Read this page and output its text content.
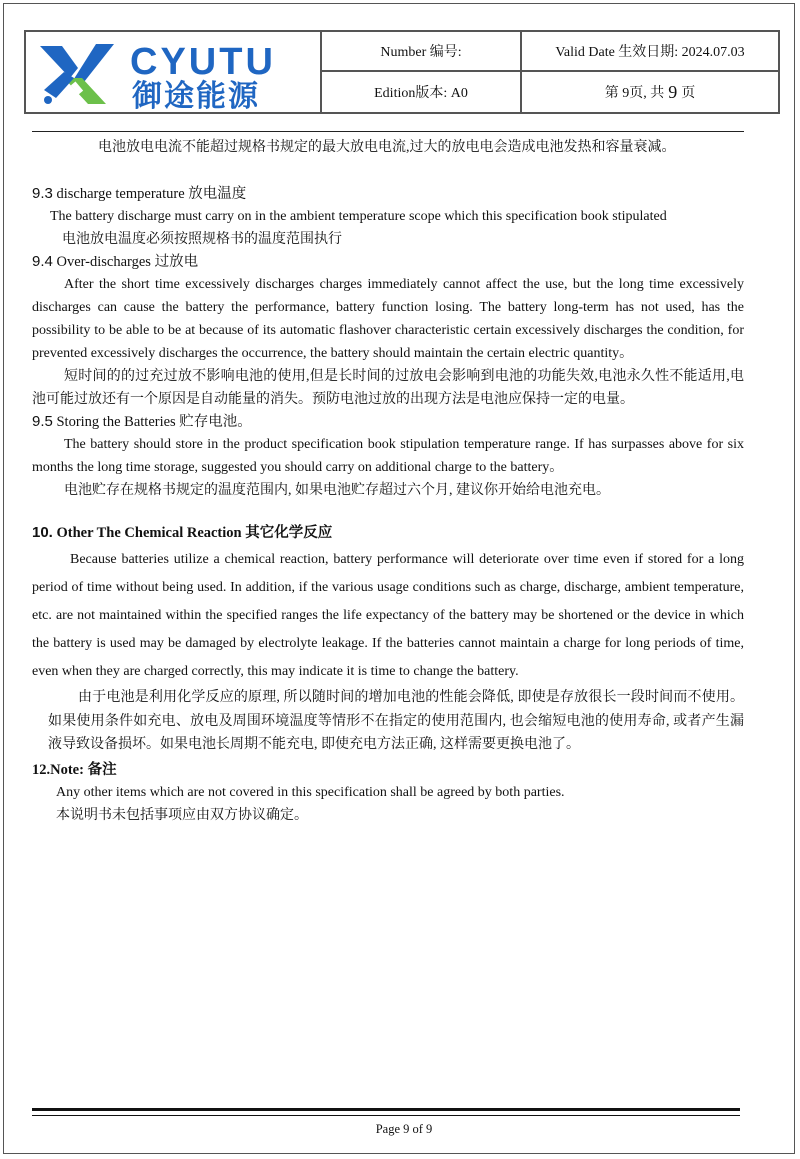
CYUTU
御途能源
Number 编号:	Valid Date 生效日期: 2024.07.03
Edition版本: A0	第 9页, 共 9 页

电池放电电流不能超过规格书规定的最大放电电流,过大的放电电会造成电池发热和容量衰减。

9.3 discharge temperature 放电温度

The battery discharge must carry on in the ambient temperature scope which this specification book stipulated

电池放电温度必须按照规格书的温度范围执行

9.4 Over-discharges 过放电

After the short time excessively discharges charges immediately cannot affect the use, but the long time excessively discharges can cause the battery the performance, battery function losing. The battery long-term has not used, has the possibility to be able to be at because of its automatic flashover characteristic certain excessively discharges the condition, for prevented excessively discharges the occurrence, the battery should maintain the certain electric quantity。

短时间的的过充过放不影响电池的使用,但是长时间的过放电会影响到电池的功能失效,电池永久性不能适用,电池可能过放还有一个原因是自动能量的消失。预防电池过放的出现方法是电池应保持一定的电量。

9.5 Storing the Batteries 贮存电池。

The battery should store in the product specification book stipulation temperature range. If has surpasses above for six months the long time storage, suggested you should carry on additional charge to the battery。

电池贮存在规格书规定的温度范围内, 如果电池贮存超过六个月, 建议你开始给电池充电。

10. Other The Chemical Reaction 其它化学反应

Because batteries utilize a chemical reaction, battery performance will deteriorate over time even if stored for a long period of time without being used. In addition, if the various usage conditions such as charge, discharge, ambient temperature, etc. are not maintained within the specified ranges the life expectancy of the battery may be shortened or the device in which the battery is used may be damaged by electrolyte leakage. If the batteries cannot maintain a charge for long periods of time, even when they are charged correctly, this may indicate it is time to change the battery.

由于电池是利用化学反应的原理, 所以随时间的增加电池的性能会降低, 即使是存放很长一段时间而不使用。如果使用条件如充电、放电及周围环境温度等情形不在指定的使用范围内, 也会缩短电池的使用寿命, 或者产生漏液导致设备损坏。如果电池长周期不能充电, 即使充电方法正确, 这样需要更换电池了。

12.Note: 备注

Any other items which are not covered in this specification shall be agreed by both parties.

本说明书未包括事项应由双方协议确定。

Page 9 of 9
